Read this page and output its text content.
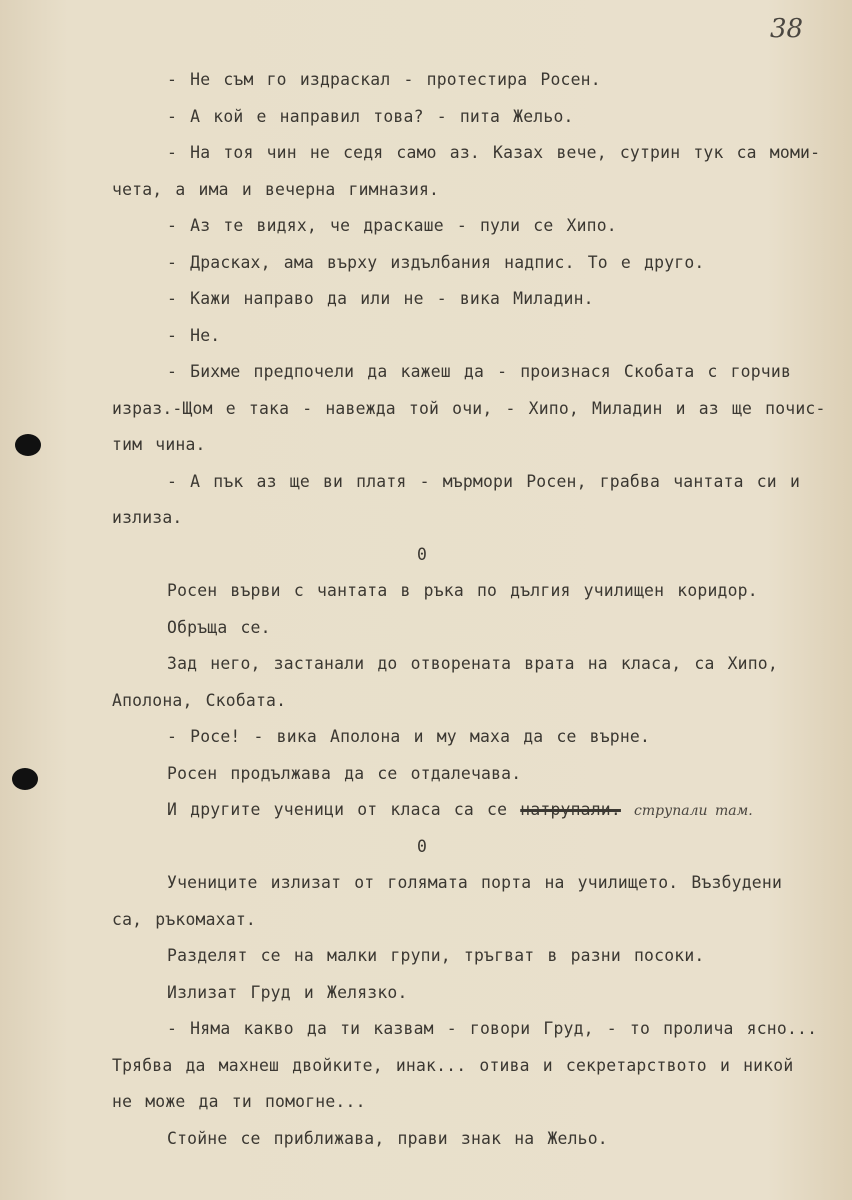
38
- Не съм го издраскал - протестира Росен.
- А кой е направил това? - пита Жельо.
- На тоя чин не седя само аз. Казах вече, сутрин тук са моми-
чета, а има и вечерна гимназия.
- Аз те видях, че драскаше - пули се Хипо.
- Драсках, ама върху издълбания надпис. То е друго.
- Кажи направо да или не - вика Миладин.
- Не.
- Бихме предпочели да кажеш да - произнася Скобата с горчив
израз.-Щом е така - навежда той очи, - Хипо, Миладин и аз ще почис-
тим чина.
- А пък аз ще ви платя - мърмори Росен, грабва чантата си и
излиза.
0
Росен върви с чантата в ръка по дългия училищен коридор.
Обръща се.
Зад него, застанали до отворената врата на класа, са Хипо,
Аполона, Скобата.
- Росе! - вика Аполона и му маха да се върне.
Росен продължава да се отдалечава.
И другите ученици от класа са се натрупали. струпали там.
0
Учениците излизат от голямата порта на училището. Възбудени
са, ръкомахат.
Разделят се на малки групи, тръгват в разни посоки.
Излизат Груд и Желязко.
- Няма какво да ти казвам - говори Груд, - то пролича ясно...
Трябва да махнеш двойките, инак... отива и секретарството и никой
не може да ти помогне...
Стойне се приближава, прави знак на Жельо.
